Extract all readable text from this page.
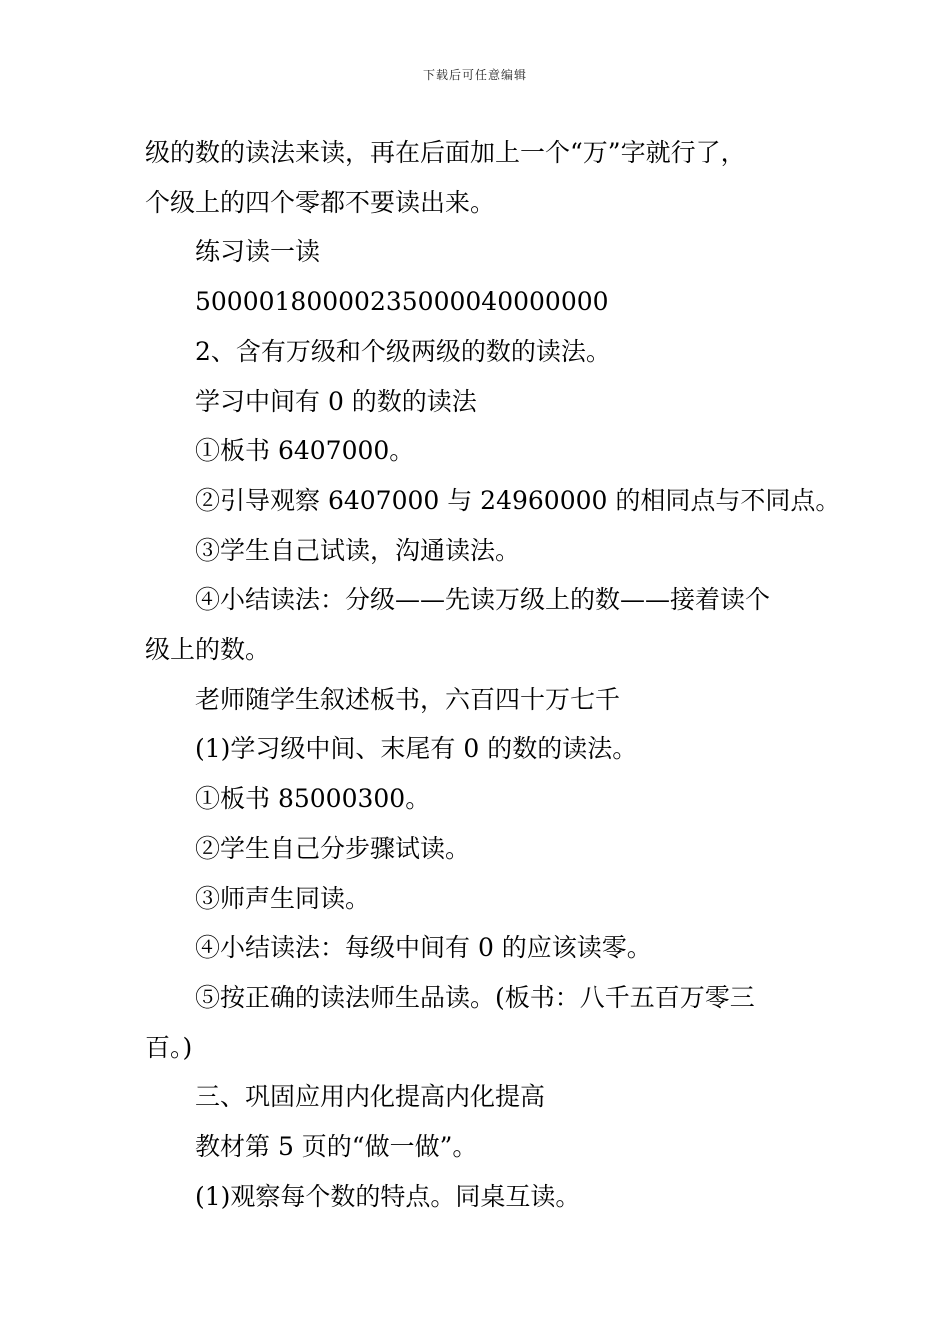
下载后可任意编辑

级的数的读法来读，再在后面加上一个“万”字就行了，

个级上的四个零都不要读出来。

练习读一读

50000180000235000040000000

2、含有万级和个级两级的数的读法。

学习中间有 0 的数的读法

①板书 6407000。

②引导观察 6407000 与 24960000 的相同点与不同点。

③学生自己试读，沟通读法。

④小结读法：分级——先读万级上的数——接着读个

级上的数。

老师随学生叙述板书，六百四十万七千

(1)学习级中间、末尾有 0 的数的读法。

①板书 85000300。

②学生自己分步骤试读。

③师声生同读。

④小结读法：每级中间有 0 的应该读零。

⑤按正确的读法师生品读。(板书：八千五百万零三

百。)

三、巩固应用内化提高内化提高

教材第 5 页的“做一做”。

(1)观察每个数的特点。同桌互读。
